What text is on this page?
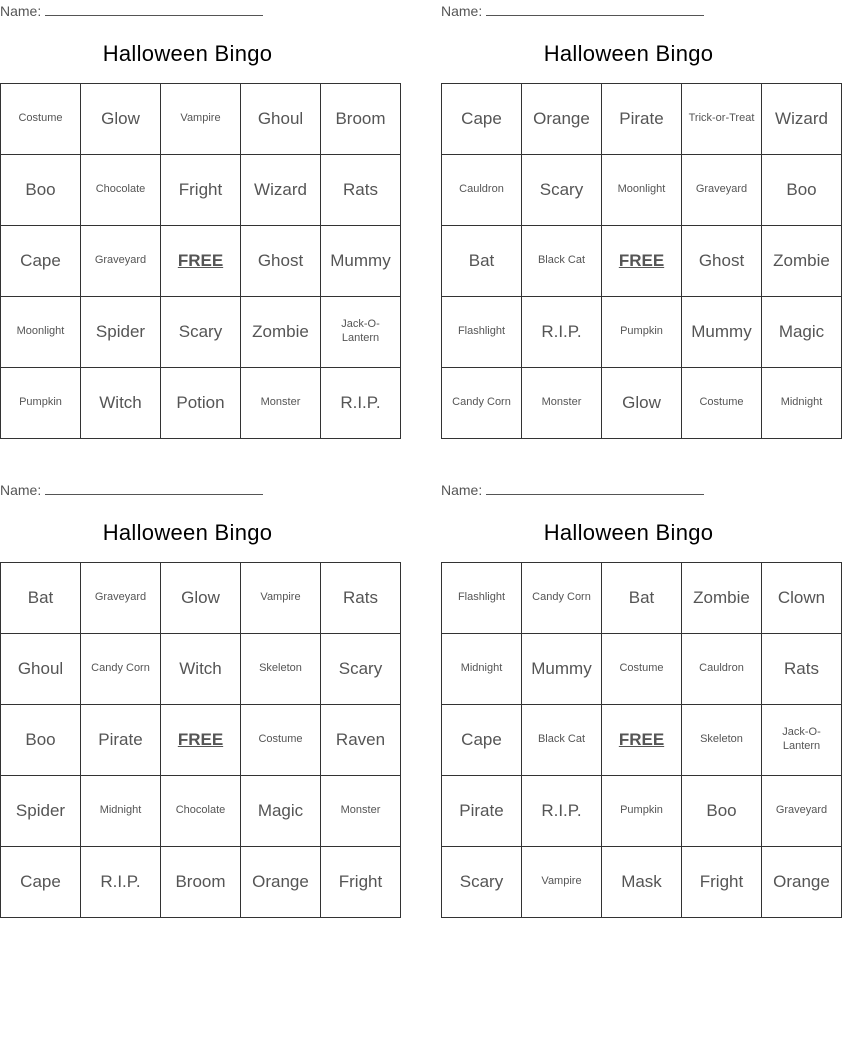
Name:
Halloween Bingo
Costume	Glow	Vampire	Ghoul	Broom
Boo	Chocolate	Fright	Wizard	Rats
Cape	Graveyard	FREE	Ghost	Mummy
Moonlight	Spider	Scary	Zombie	Jack-O-Lantern
Pumpkin	Witch	Potion	Monster	R.I.P.
Name:
Halloween Bingo
Cape	Orange	Pirate	Trick-or-Treat	Wizard
Cauldron	Scary	Moonlight	Graveyard	Boo
Bat	Black Cat	FREE	Ghost	Zombie
Flashlight	R.I.P.	Pumpkin	Mummy	Magic
Candy Corn	Monster	Glow	Costume	Midnight
Name:
Halloween Bingo
Bat	Graveyard	Glow	Vampire	Rats
Ghoul	Candy Corn	Witch	Skeleton	Scary
Boo	Pirate	FREE	Costume	Raven
Spider	Midnight	Chocolate	Magic	Monster
Cape	R.I.P.	Broom	Orange	Fright
Name:
Halloween Bingo
Flashlight	Candy Corn	Bat	Zombie	Clown
Midnight	Mummy	Costume	Cauldron	Rats
Cape	Black Cat	FREE	Skeleton	Jack-O-Lantern
Pirate	R.I.P.	Pumpkin	Boo	Graveyard
Scary	Vampire	Mask	Fright	Orange
